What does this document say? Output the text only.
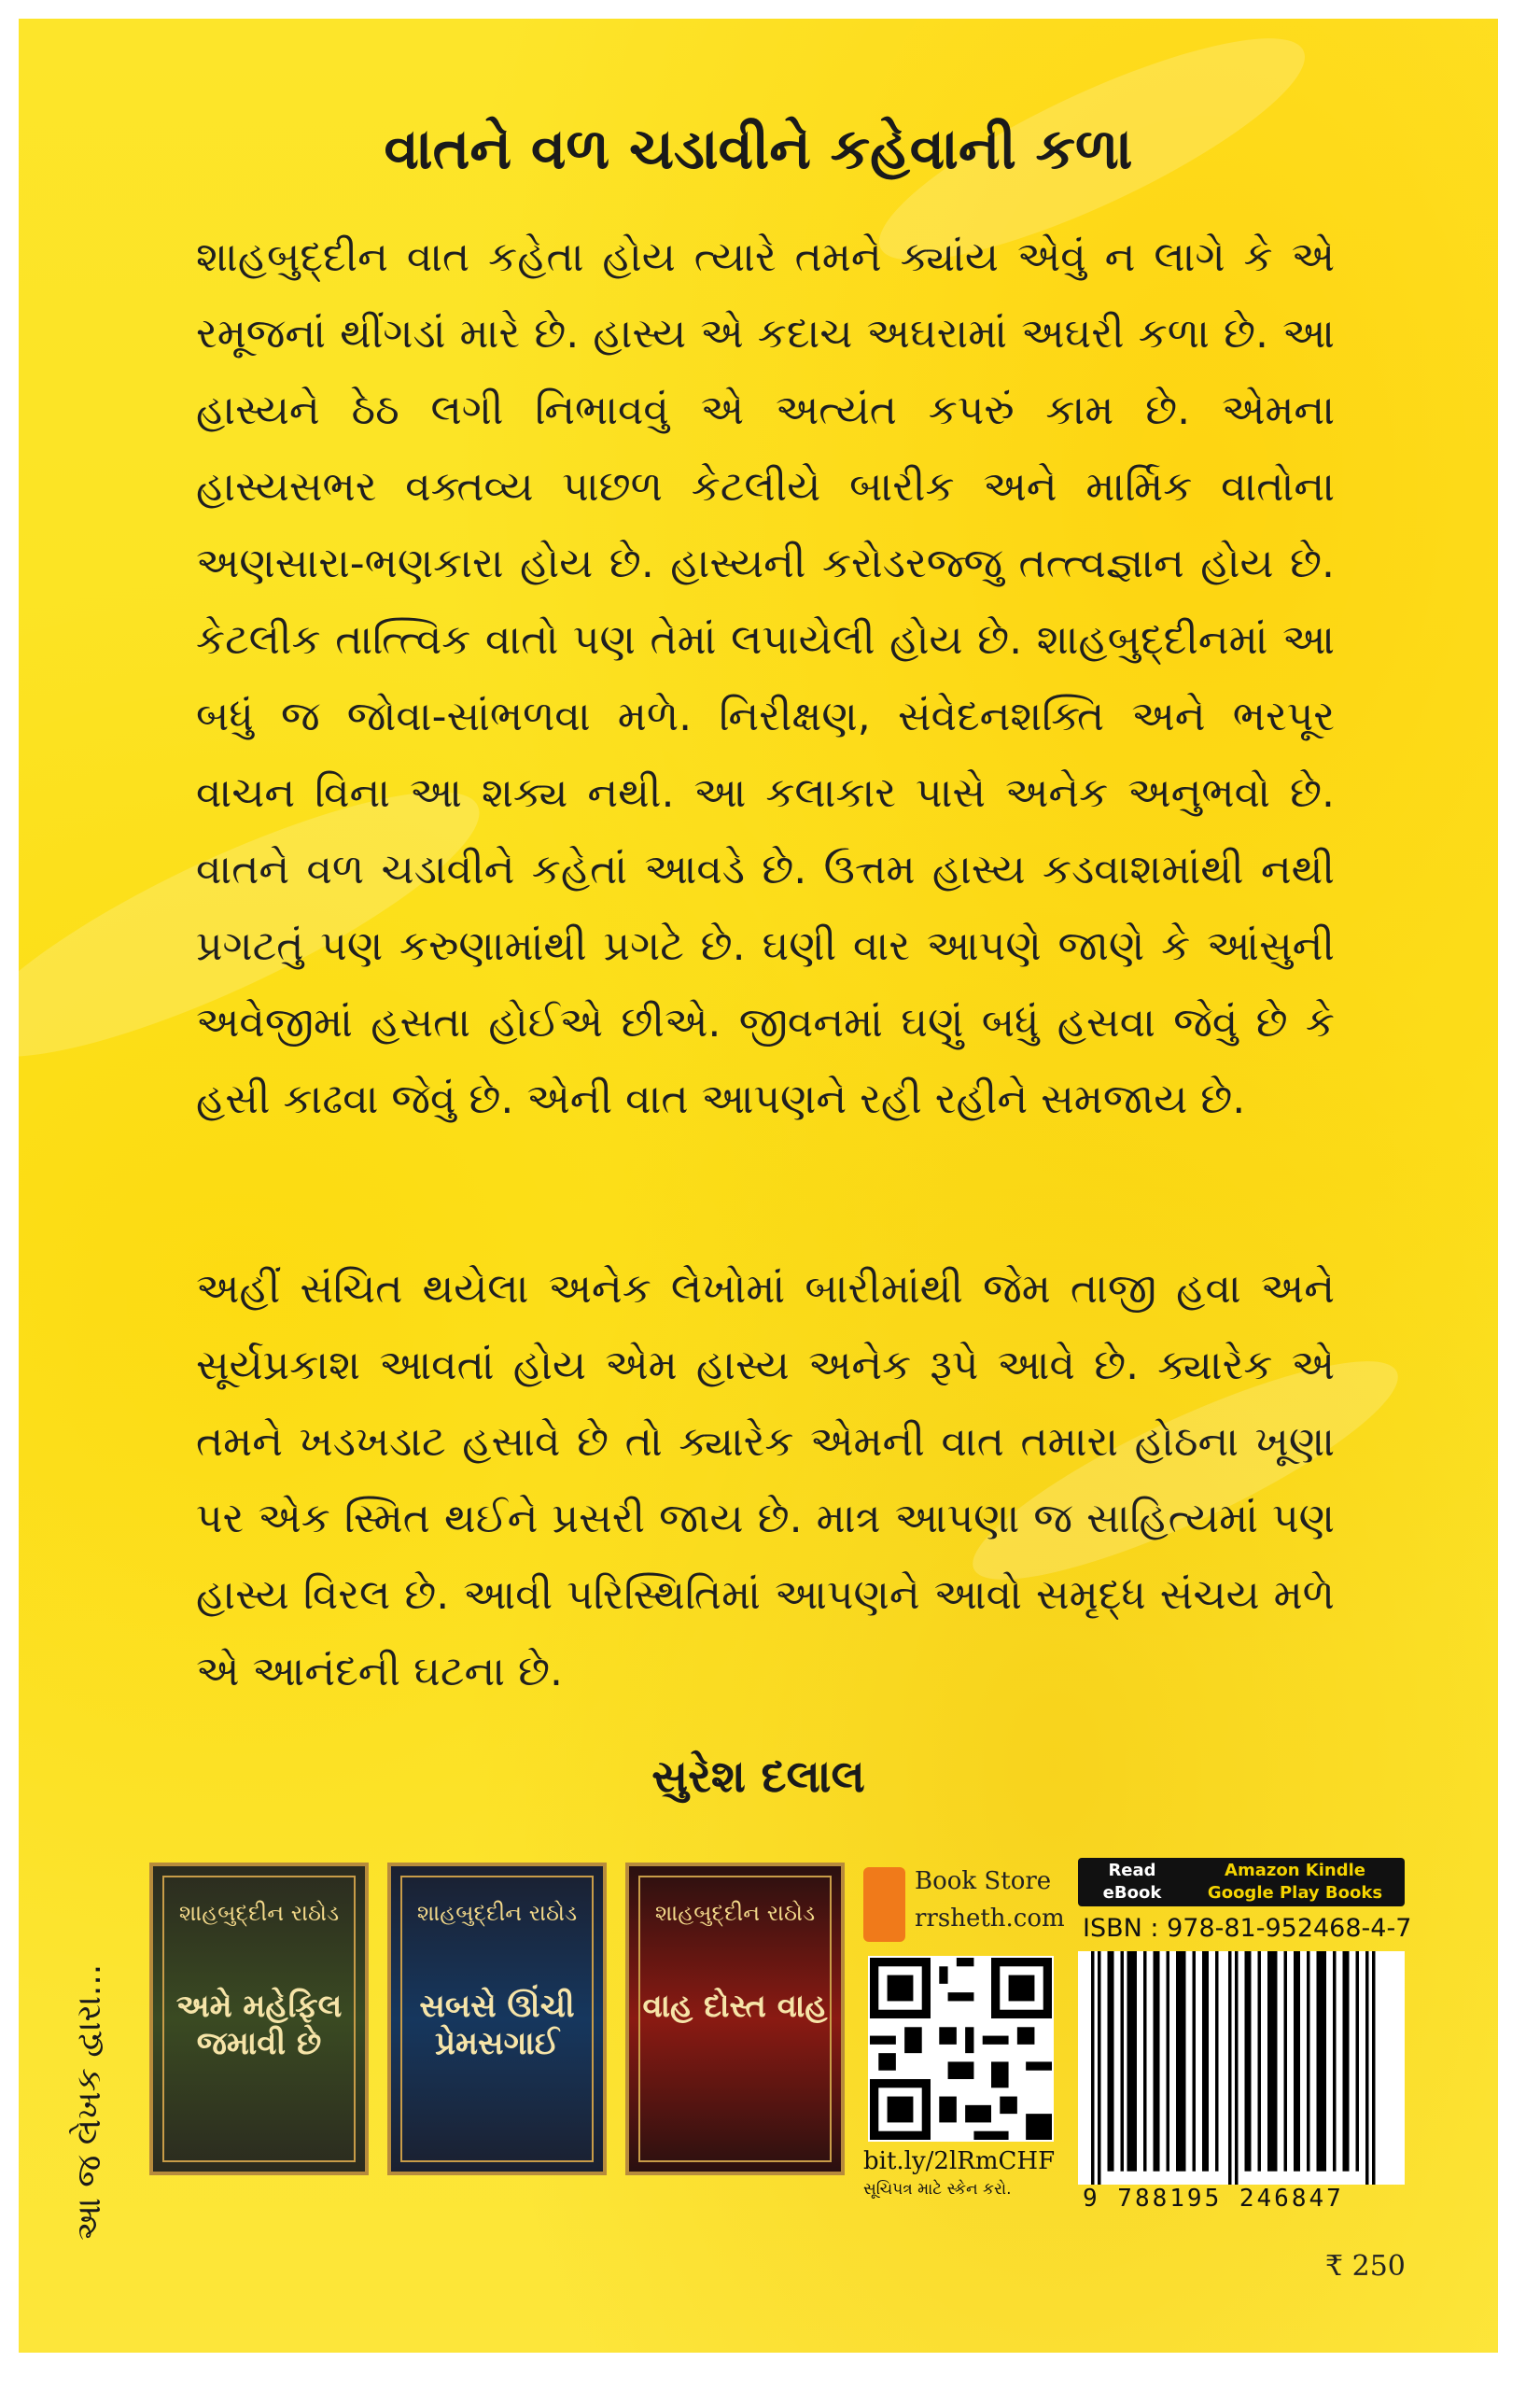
વાતને વળ ચડાવીને કહેવાની કળા
શાહબુદ્દીન વાત કહેતા હોય ત્યારે તમને ક્યાંય એવું ન લાગે કે એ રમૂજનાં થીંગડાં મારે છે. હાસ્ય એ કદાચ અઘરામાં અઘરી કળા છે. આ હાસ્યને ઠેઠ લગી નિભાવવું એ અત્યંત કપરું કામ છે. એમના હાસ્યસભર વક્તવ્ય પાછળ કેટલીયે બારીક અને માર્મિક વાતોના અણસારા-ભણકારા હોય છે. હાસ્યની કરોડરજ્જુ તત્ત્વજ્ઞાન હોય છે. કેટલીક તાત્ત્વિક વાતો પણ તેમાં લપાયેલી હોય છે. શાહબુદ્દીનમાં આ બધું જ જોવા-સાંભળવા મળે. નિરીક્ષણ, સંવેદનશક્તિ અને ભરપૂર વાચન વિના આ શક્ય નથી. આ કલાકાર પાસે અનેક અનુભવો છે. વાતને વળ ચડાવીને કહેતાં આવડે છે. ઉત્તમ હાસ્ય કડવાશમાંથી નથી પ્રગટતું પણ કરુણામાંથી પ્રગટે છે. ઘણી વાર આપણે જાણે કે આંસુની અવેજીમાં હસતા હોઈએ છીએ. જીવનમાં ઘણું બધું હસવા જેવું છે કે હસી કાઢવા જેવું છે. એની વાત આપણને રહી રહીને સમજાય છે.
અહીં સંચિત થયેલા અનેક લેખોમાં બારીમાંથી જેમ તાજી હવા અને સૂર્યપ્રકાશ આવતાં હોય એમ હાસ્ય અનેક રૂપે આવે છે. ક્યારેક એ તમને ખડખડાટ હસાવે છે તો ક્યારેક એમની વાત તમારા હોઠના ખૂણા પર એક સ્મિત થઈને પ્રસરી જાય છે. માત્ર આપણા જ સાહિત્યમાં પણ હાસ્ય વિરલ છે. આવી પરિસ્થિતિમાં આપણને આવો સમૃદ્ધ સંચય મળે એ આનંદની ઘટના છે.
સુરેશ દલાલ
આ જ લેખક દ્વારા...
શાહબુદ્દીન રાઠોડ
અમે મહેફિલ જમાવી છે
શાહબુદ્દીન રાઠોડ
સબસે ઊંચી પ્રેમસગાઈ
શાહબુદ્દીન રાઠોડ
વાહ દોસ્ત વાહ
Book Store
rrsheth.com
bit.ly/2lRmCHF
સૂચિપત્ર માટે સ્કેન કરો.
Read eBook
Amazon Kindle Google Play Books
ISBN : 978-81-952468-4-7
9 788195 246847
₹ 250
